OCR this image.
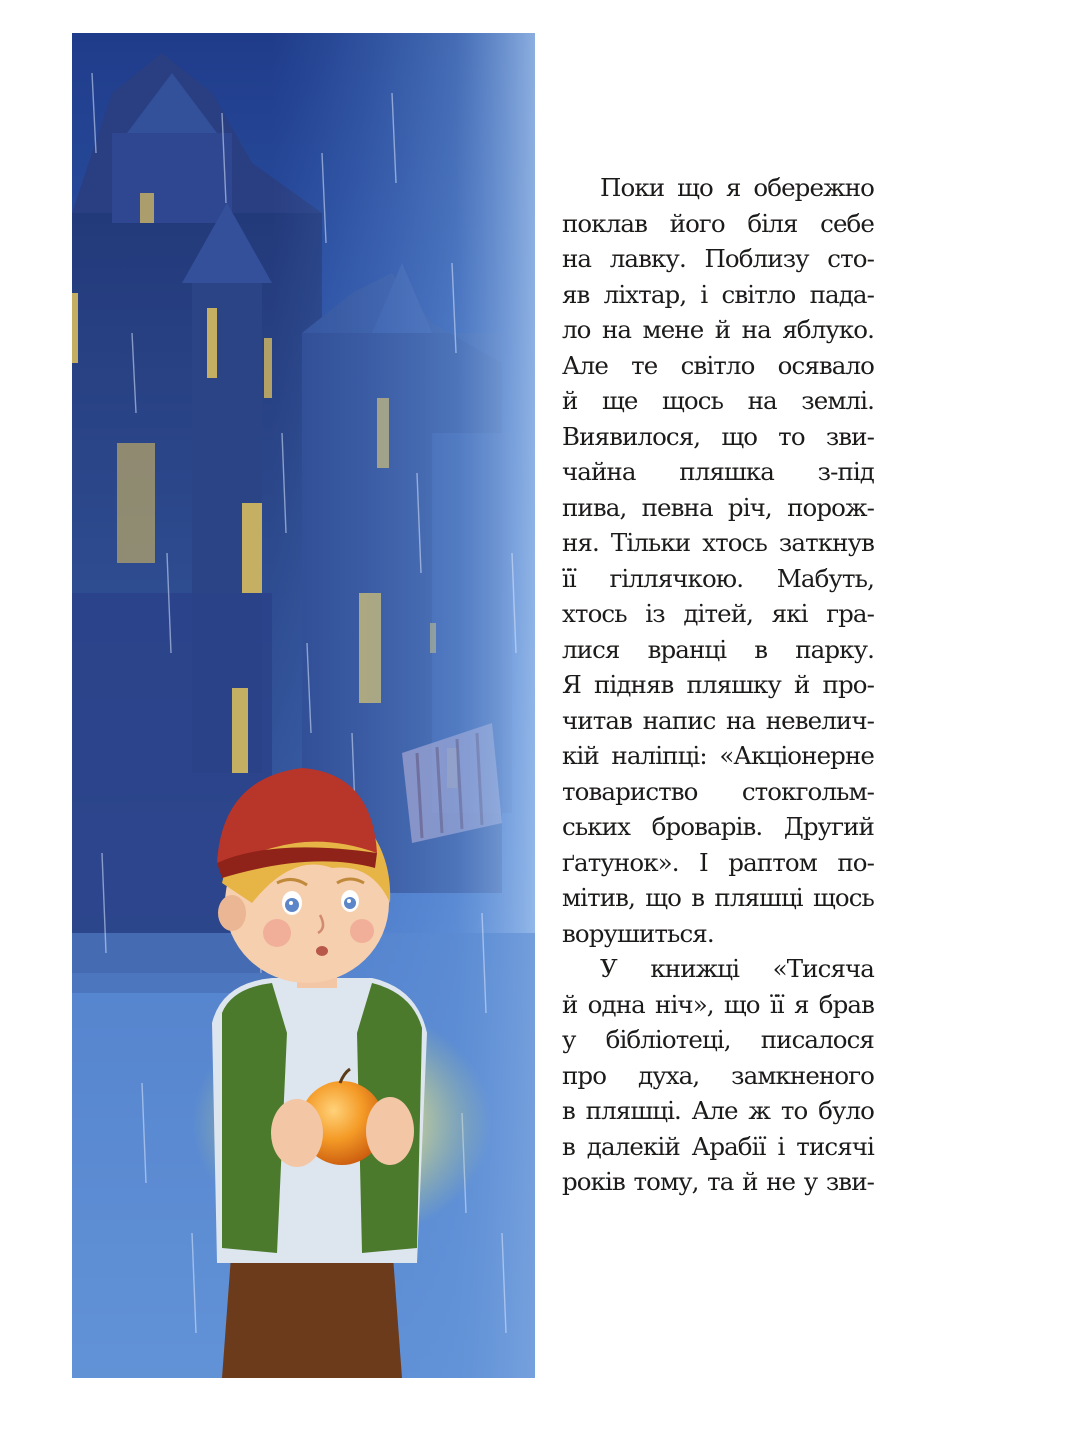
Поки що я обережно
поклав його біля себе
на лавку. Поблизу сто-
яв ліхтар, і світло пада-
ло на мене й на яблуко.
Але те світло осявало
й ще щось на землі.
Виявилося, що то зви-
чайна пляшка з-під
пива, певна річ, порож-
ня. Тільки хтось заткнув
її гіллячкою. Мабуть,
хтось із дітей, які гра-
лися вранці в парку.
Я підняв пляшку й про-
читав напис на невелич-
кій наліпці: «Акціонерне
товариство стокгольм-
ських броварів. Другий
ґатунок». І раптом по-
мітив, що в пляшці щось
ворушиться.

У книжці «Тисяча
й одна ніч», що її я брав
у бібліотеці, писалося
про духа, замкненого
в пляшці. Але ж то було
в далекій Арабії і тисячі
років тому, та й не у зви-
